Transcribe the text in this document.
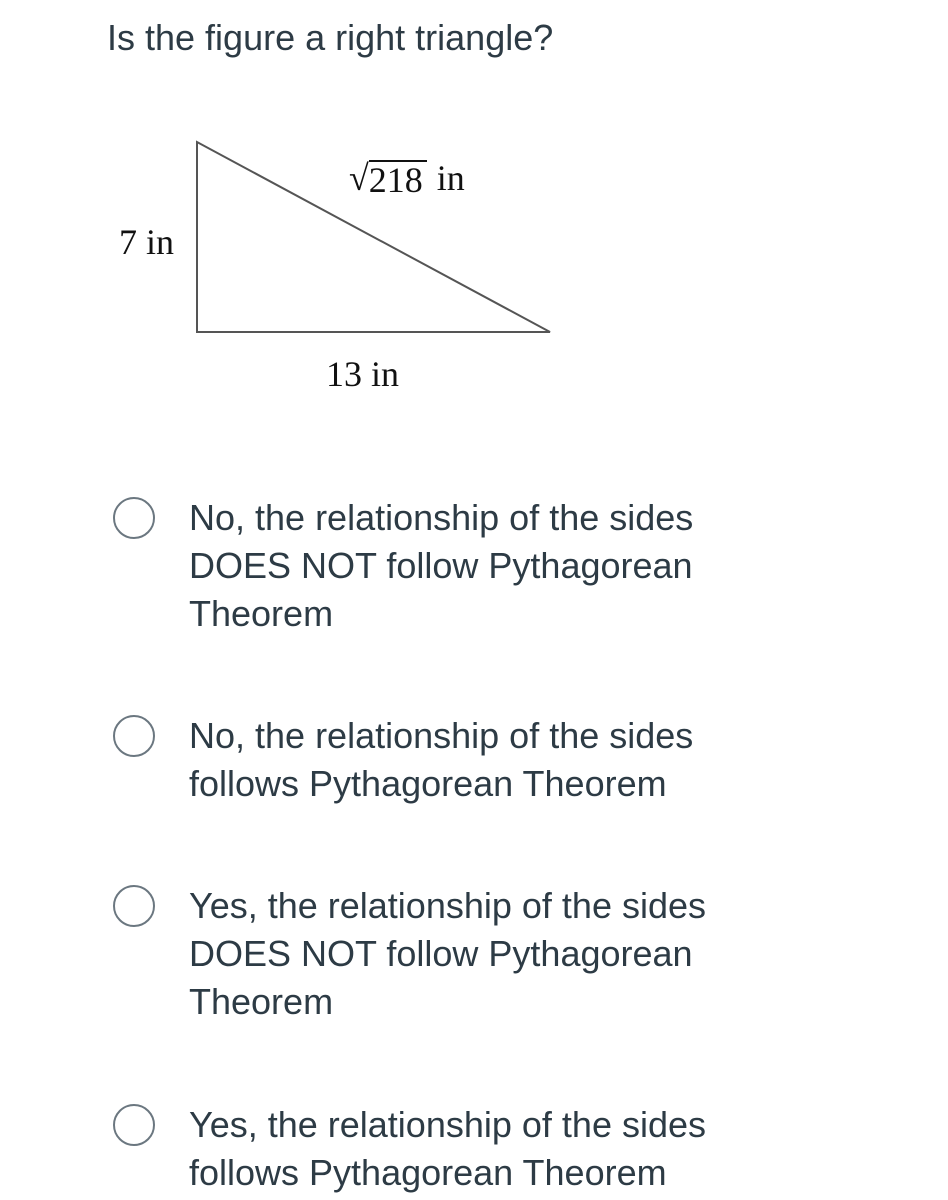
Is the figure a right triangle?
7 in
√ 218 in
13 in
No, the relationship of the sides
DOES NOT follow Pythagorean
Theorem
No, the relationship of the sides
follows Pythagorean Theorem
Yes, the relationship of the sides
DOES NOT follow Pythagorean
Theorem
Yes, the relationship of the sides
follows Pythagorean Theorem
